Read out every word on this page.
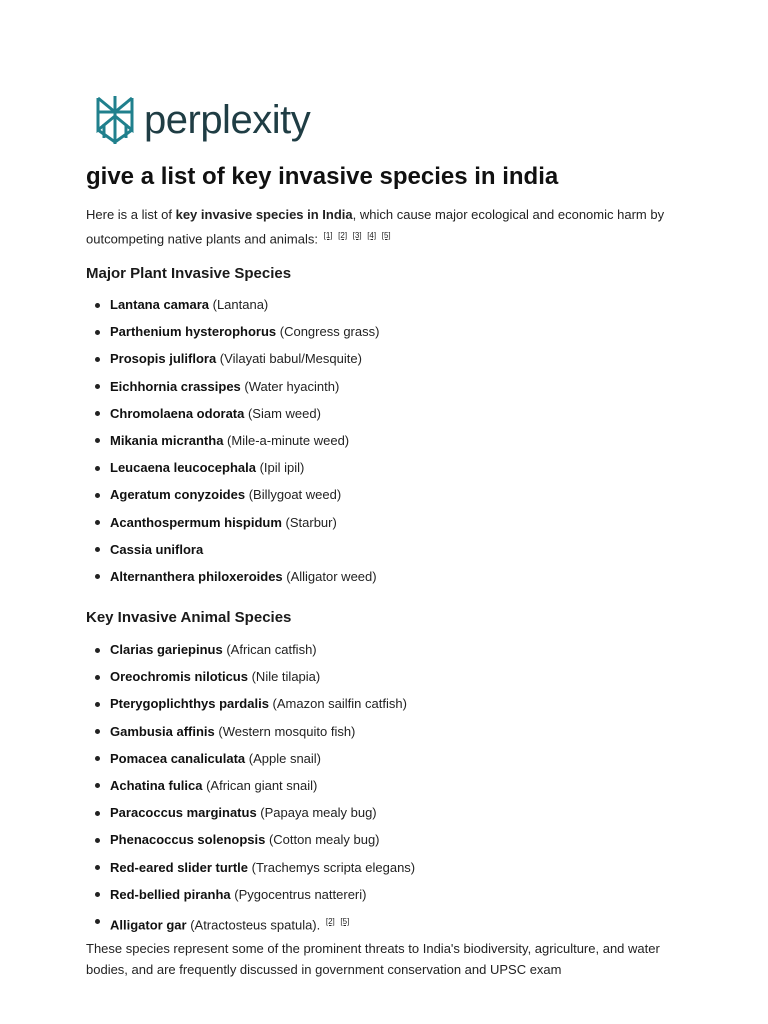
perplexity
give a list of key invasive species in india

Here is a list of key invasive species in India, which cause major ecological and economic harm by outcompeting native plants and animals: [1] [2] [3] [4] [5]

Major Plant Invasive Species
Lantana camara (Lantana)
Parthenium hysterophorus (Congress grass)
Prosopis juliflora (Vilayati babul/Mesquite)
Eichhornia crassipes (Water hyacinth)
Chromolaena odorata (Siam weed)
Mikania micrantha (Mile-a-minute weed)
Leucaena leucocephala (Ipil ipil)
Ageratum conyzoides (Billygoat weed)
Acanthospermum hispidum (Starbur)
Cassia uniflora
Alternanthera philoxeroides (Alligator weed)
Key Invasive Animal Species
Clarias gariepinus (African catfish)
Oreochromis niloticus (Nile tilapia)
Pterygoplichthys pardalis (Amazon sailfin catfish)
Gambusia affinis (Western mosquito fish)
Pomacea canaliculata (Apple snail)
Achatina fulica (African giant snail)
Paracoccus marginatus (Papaya mealy bug)
Phenacoccus solenopsis (Cotton mealy bug)
Red-eared slider turtle (Trachemys scripta elegans)
Red-bellied piranha (Pygocentrus nattereri)
Alligator gar (Atractosteus spatula). [2] [5]

These species represent some of the prominent threats to India's biodiversity, agriculture, and water bodies, and are frequently discussed in government conservation and UPSC exam
